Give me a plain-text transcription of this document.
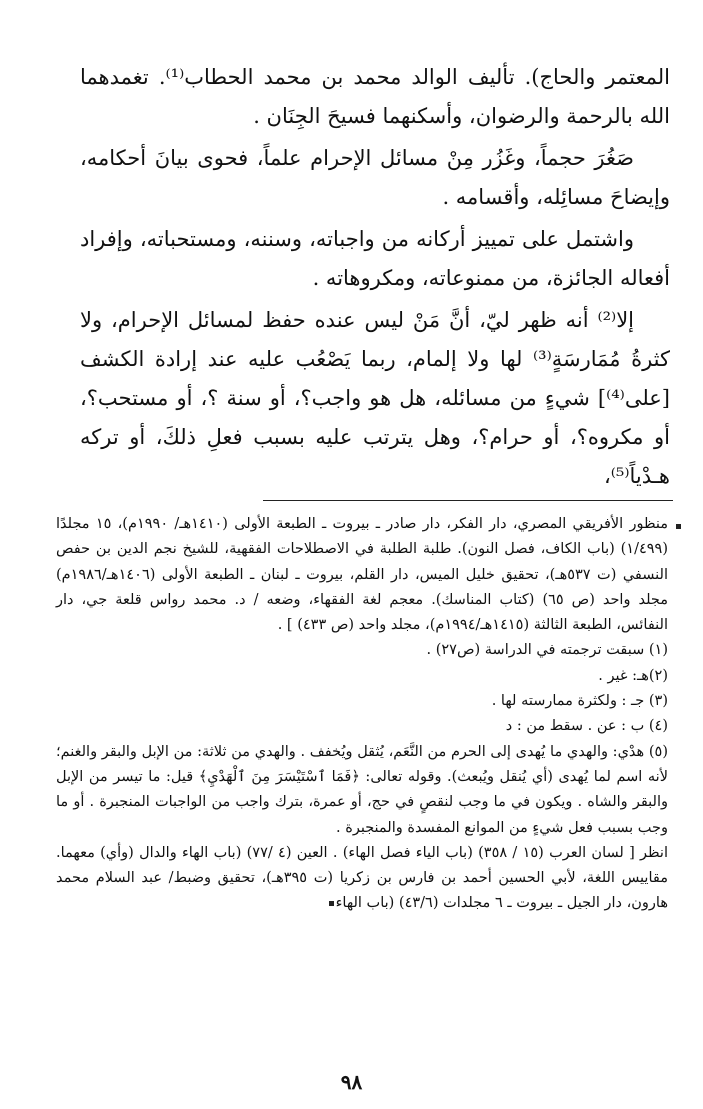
المعتمر والحاج). تأليف الوالد محمد بن محمد الحطاب⁽¹⁾. تغمدهما الله بالرحمة والرضوان، وأسكنهما فسيحَ الجِنَان .

صَغُرَ حجماً، وغَزُر مِنْ مسائل الإحرام علماً، فحوى بيانَ أحكامه، وإيضاحَ مسائِله، وأقسامه .

واشتمل على تمييز أركانه من واجباته، وسننه، ومستحباته، وإفراد أفعاله الجائزة، من ممنوعاته، ومكروهاته .

إلا⁽²⁾ أنه ظهر ليّ، أنَّ مَنْ ليس عنده حفظ لمسائل الإحرام، ولا كثرةُ مُمَارسَةٍ⁽³⁾ لها ولا إلمام، ربما يَصْعُب عليه عند إرادة الكشف [على⁽⁴⁾] شيءٍ من مسائله، هل هو واجب؟، أو سنة ؟، أو مستحب؟، أو مكروه؟، أو حرام؟، وهل يترتب عليه بسبب فعلِ ذلكَ، أو تركه هـدْياً⁽⁵⁾،

منظور الأفريقي المصري، دار الفكر، دار صادر ـ بيروت ـ الطبعة الأولى (١٤١٠هـ/ ١٩٩٠م)، ١٥ مجلدًا (١/٤٩٩) (باب الكاف، فصل النون). طلبة الطلبة في الاصطلاحات الفقهية، للشيخ نجم الدين بن حفص النسفي (ت ٥٣٧هـ)، تحقيق خليل الميس، دار القلم، بيروت ـ لبنان ـ الطبعة الأولى (١٤٠٦هـ/١٩٨٦م) مجلد واحد (ص ٦٥) (كتاب المناسك). معجم لغة الفقهاء، وضعه / د. محمد رواس قلعة جي، دار النفائس، الطبعة الثالثة (١٤١٥هـ/١٩٩٤م)، مجلد واحد (ص ٤٣٣) ] .

(١) سبقت ترجمته في الدراسة (ص٢٧) .

(٢)هـ: غير .

(٣) جـ : ولكثرة ممارسته لها .

(٤) ب : عن . سقط من : د

(٥) هدْي: والهدي ما يُهدى إلى الحرم من النَّعَم، يُثقل ويُخفف . والهدي من ثلاثة: من الإبل والبقر والغنم؛ لأنه اسم لما يُهدى (أي يُنقل ويُبعث). وقوله تعالى: ﴿فَمَا ٱسْتَيْسَرَ مِنَ ٱلْهَدْيِ﴾ قيل: ما تيسر من الإبل والبقر والشاه . ويكون في ما وجب لنقصٍ في حج، أو عمرة، بترك واجب من الواجبات المنجبرة . أو ما وجب بسبب فعل شيءٍ من الموانع المفسدة والمنجبرة .

انظر [ لسان العرب (١٥ / ٣٥٨) (باب الياء فصل الهاء) . العين (٤ /٧٧) (باب الهاء والدال (وأي) معهما. مقاييس اللغة، لأبي الحسين أحمد بن فارس بن زكريا (ت ٣٩٥هـ)، تحقيق وضبط/ عبد السلام محمد هارون، دار الجيل ـ بيروت ـ ٦ مجلدات (٤٣/٦) (باب الهاء

٩٨
